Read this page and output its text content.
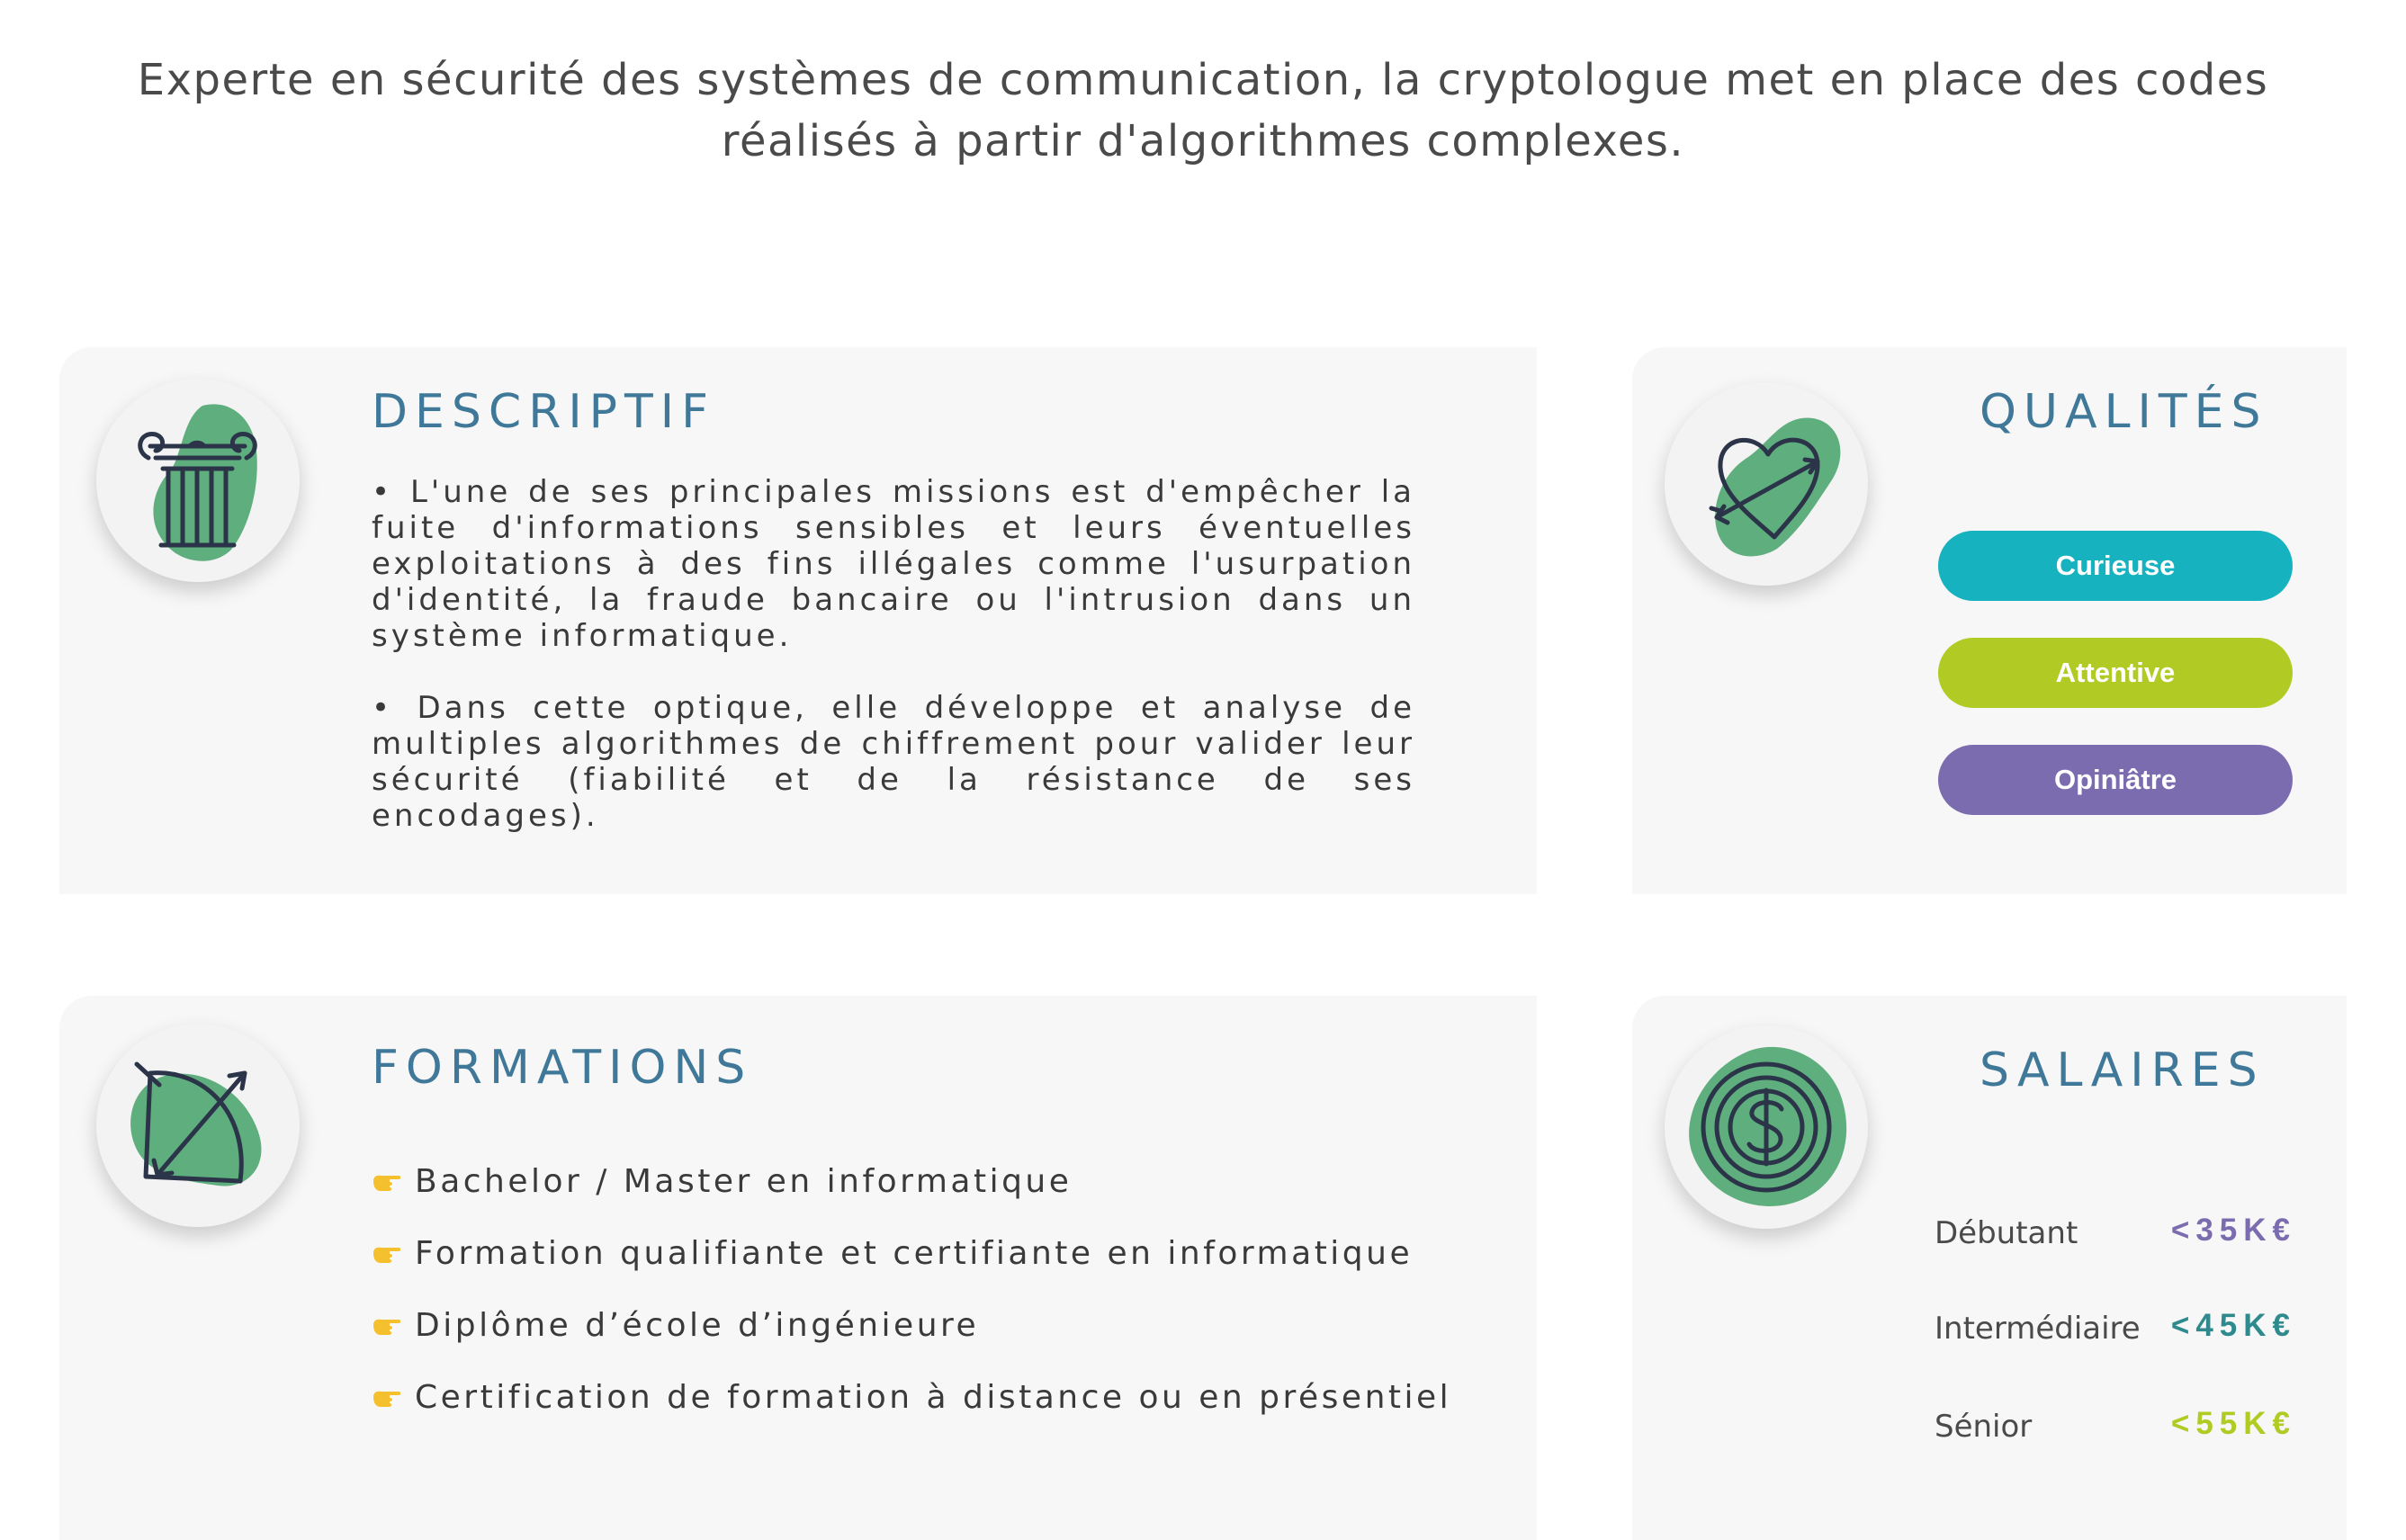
Experte en sécurité des systèmes de communication, la cryptologue met en place des codes
réalisés à partir d'algorithmes complexes.
DESCRIPTIF

• L'une de ses principales missions est d'empêcher la fuite d'informations sensibles et leurs éventuelles exploitations à des fins illégales comme l'usurpation d'identité, la fraude bancaire ou l'intrusion dans un système informatique.

• Dans cette optique, elle développe et analyse de multiples algorithmes de chiffrement pour valider leur sécurité (fiabilité et de la résistance de ses encodages).

QUALITÉS
Curieuse
Attentive
Opiniâtre
FORMATIONS
Bachelor / Master en informatique
Formation qualifiante et certifiante en informatique
Diplôme d’école d’ingénieure
Certification de formation à distance ou en présentiel
SALAIRES
Débutant	<35K€
Intermédiaire <45K€
Sénior	<55K€
